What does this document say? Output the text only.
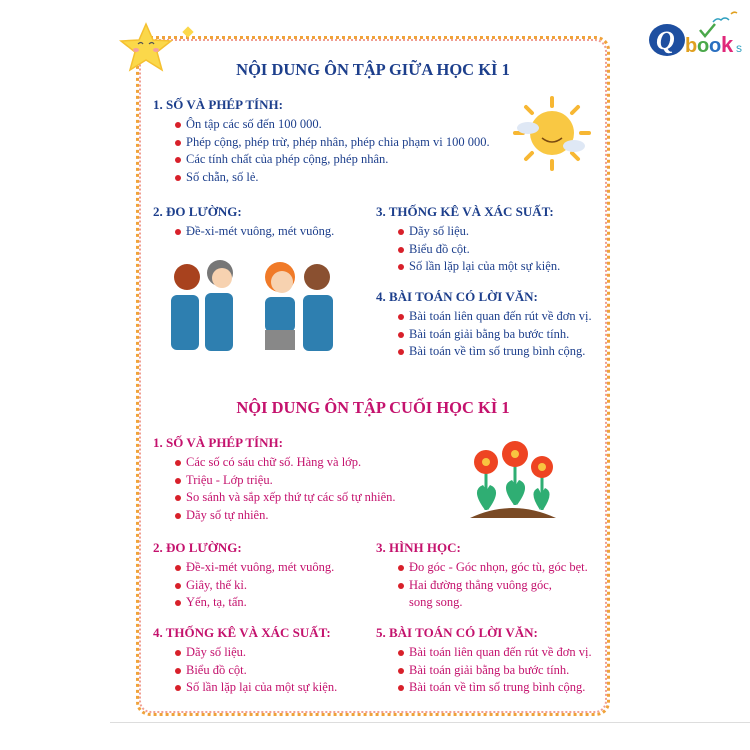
Q b o o k s
NỘI DUNG ÔN TẬP GIỮA HỌC KÌ 1
NỘI DUNG ÔN TẬP CUỐI HỌC KÌ 1
1. SỐ VÀ PHÉP TÍNH:
Ôn tập các số đến 100 000.
Phép cộng, phép trừ, phép nhân, phép chia phạm vi 100 000.
Các tính chất của phép cộng, phép nhân.
Số chẵn, số lẻ.
2. ĐO LƯỜNG:
Đề-xi-mét vuông, mét vuông.
3. THỐNG KÊ VÀ XÁC SUẤT:
Dãy số liệu.
Biểu đồ cột.
Số lần lặp lại của một sự kiện.
4. BÀI TOÁN CÓ LỜI VĂN:
Bài toán liên quan đến rút về đơn vị.
Bài toán giải bằng ba bước tính.
Bài toán về tìm số trung bình cộng.
1. SỐ VÀ PHÉP TÍNH:
Các số có sáu chữ số. Hàng và lớp.
Triệu - Lớp triệu.
So sánh và sắp xếp thứ tự các số tự nhiên.
Dãy số tự nhiên.
2. ĐO LƯỜNG:
Đề-xi-mét vuông, mét vuông.
Giây, thế kỉ.
Yến, tạ, tấn.
3. HÌNH HỌC:
Đo góc - Góc nhọn, góc tù, góc bẹt.
Hai đường thẳng vuông góc,
song song.
4. THỐNG KÊ VÀ XÁC SUẤT:
Dãy số liệu.
Biểu đồ cột.
Số lần lặp lại của một sự kiện.
5. BÀI TOÁN CÓ LỜI VĂN:
Bài toán liên quan đến rút về đơn vị.
Bài toán giải bằng ba bước tính.
Bài toán về tìm số trung bình cộng.
